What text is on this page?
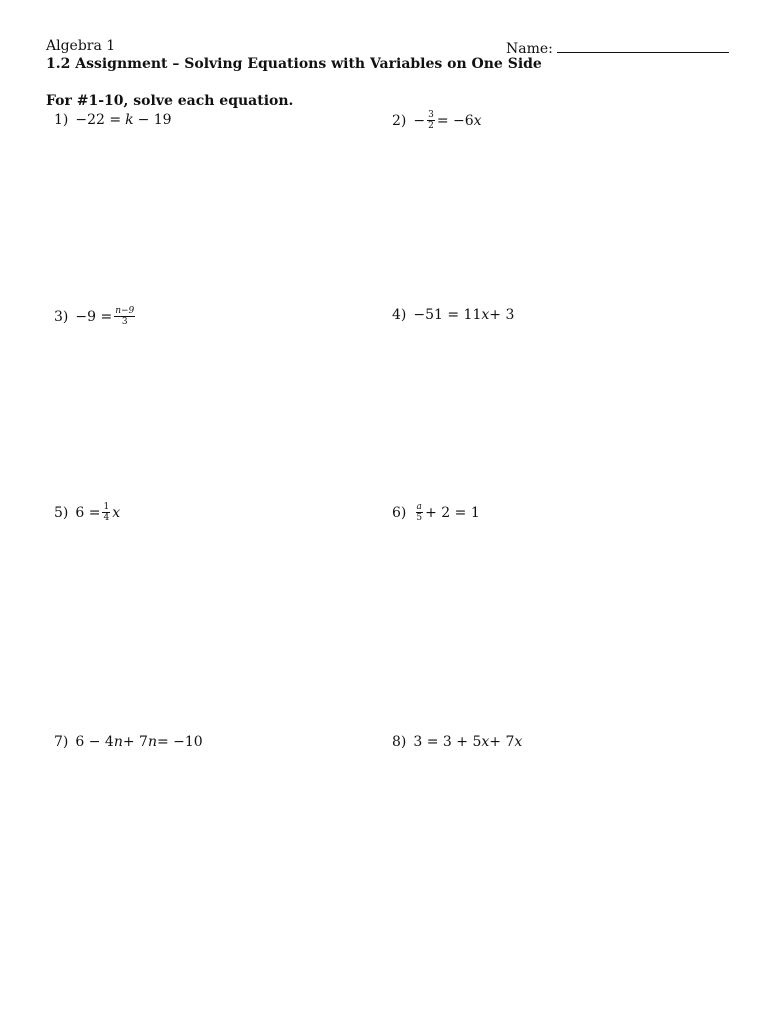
Algebra 1	Name:
1.2 Assignment – Solving Equations with Variables on One Side
For #1-10, solve each equation.
1) −22 = k − 19	$2) - \frac{3}{2} = -6$ x
$3) -9 = \frac{n-9}{3}$	4) −51 = 11 x + 3
5) $6 = \frac{1}{4}$ x	$6) \frac{a}{5} + 2 = 1$
7) 6 − 4 n + 7 n = −10	8) 3 = 3 + 5 x + 7 x
